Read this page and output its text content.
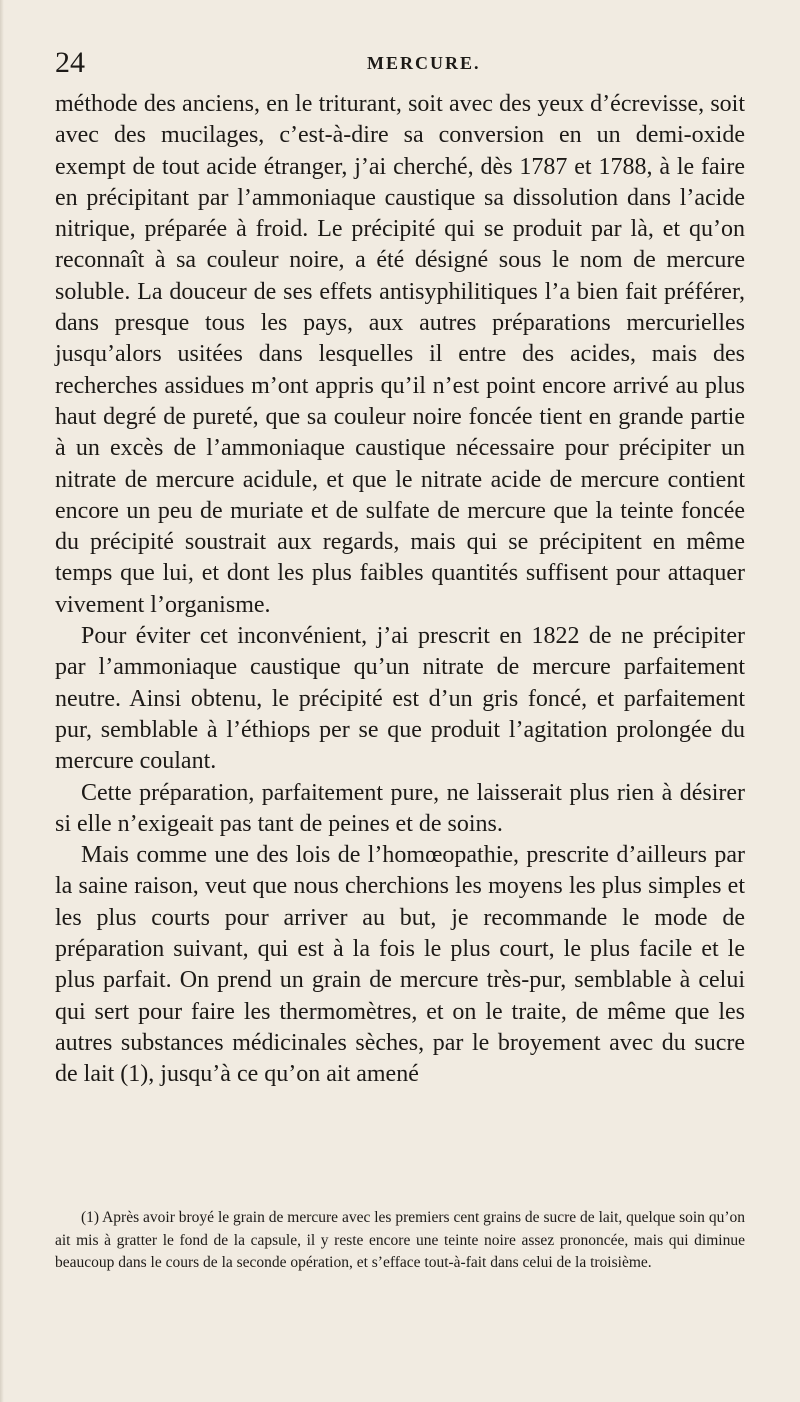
24	MERCURE.

méthode des anciens, en le triturant, soit avec des yeux d’écrevisse, soit avec des mucilages, c’est-à-dire sa conversion en un demi-oxide exempt de tout acide étranger, j’ai cherché, dès 1787 et 1788, à le faire en précipitant par l’ammoniaque caustique sa dissolution dans l’acide nitrique, préparée à froid. Le précipité qui se produit par là, et qu’on reconnaît à sa couleur noire, a été désigné sous le nom de mercure soluble. La douceur de ses effets antisyphilitiques l’a bien fait préférer, dans presque tous les pays, aux autres préparations mercurielles jusqu’alors usitées dans lesquelles il entre des acides, mais des recherches assidues m’ont appris qu’il n’est point encore arrivé au plus haut degré de pureté, que sa couleur noire foncée tient en grande partie à un excès de l’ammoniaque caustique nécessaire pour précipiter un nitrate de mercure acidule, et que le nitrate acide de mercure contient encore un peu de muriate et de sulfate de mercure que la teinte foncée du précipité soustrait aux regards, mais qui se précipitent en même temps que lui, et dont les plus faibles quantités suffisent pour attaquer vivement l’organisme.

Pour éviter cet inconvénient, j’ai prescrit en 1822 de ne précipiter par l’ammoniaque caustique qu’un nitrate de mercure parfaitement neutre. Ainsi obtenu, le précipité est d’un gris foncé, et parfaitement pur, semblable à l’éthiops per se que produit l’agitation prolongée du mercure coulant.

Cette préparation, parfaitement pure, ne laisserait plus rien à désirer si elle n’exigeait pas tant de peines et de soins.

Mais comme une des lois de l’homœopathie, prescrite d’ailleurs par la saine raison, veut que nous cherchions les moyens les plus simples et les plus courts pour arriver au but, je recommande le mode de préparation suivant, qui est à la fois le plus court, le plus facile et le plus parfait. On prend un grain de mercure très-pur, semblable à celui qui sert pour faire les thermomètres, et on le traite, de même que les autres substances médicinales sèches, par le broyement avec du sucre de lait (1), jusqu’à ce qu’on ait amené

(1) Après avoir broyé le grain de mercure avec les premiers cent grains de sucre de lait, quelque soin qu’on ait mis à gratter le fond de la capsule, il y reste encore une teinte noire assez prononcée, mais qui diminue beaucoup dans le cours de la seconde opération, et s’efface tout-à-fait dans celui de la troisième.
